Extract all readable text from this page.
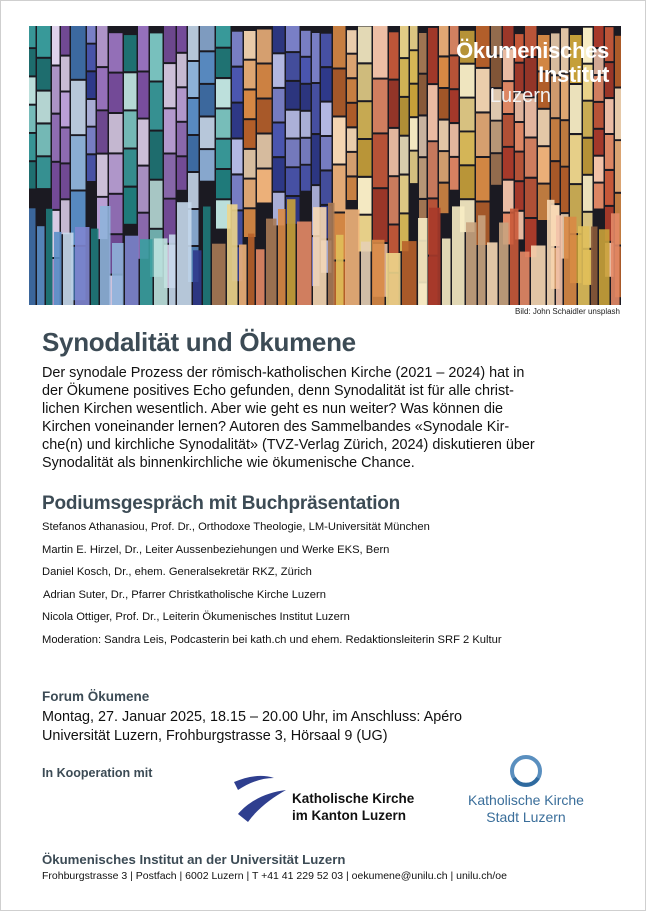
Ökumenisches
Institut
Luzern
Bild: John Schaidler unsplash
Synodalität und Ökumene

Der synodale Prozess der römisch-katholischen Kirche (2021 – 2024) hat in
der Ökumene positives Echo gefunden, denn Synodalität ist für alle christ-
lichen Kirchen wesentlich. Aber wie geht es nun weiter? Was können die
Kirchen voneinander lernen? Autoren des Sammelbandes «Synodale Kir-
che(n) und kirchliche Synodalität» (TVZ-Verlag Zürich, 2024) diskutieren über
Synodalität als binnenkirchliche wie ökumenische Chance.

Podiumsgespräch mit Buchpräsentation
Stefanos Athanasiou, Prof. Dr., Orthodoxe Theologie, LM-Universität München
Martin E. Hirzel, Dr., Leiter Aussenbeziehungen und Werke EKS, Bern
Daniel Kosch, Dr., ehem. Generalsekretär RKZ, Zürich
Adrian Suter, Dr., Pfarrer Christkatholische Kirche Luzern
Nicola Ottiger, Prof. Dr., Leiterin Ökumenisches Institut Luzern
Moderation: Sandra Leis, Podcasterin bei kath.ch und ehem. Redaktionsleiterin SRF 2 Kultur
Forum Ökumene
Montag, 27. Januar 2025, 18.15 – 20.00 Uhr, im Anschluss: Apéro
Universität Luzern, Frohburgstrasse 3, Hörsaal 9 (UG)
In Kooperation mit
Katholische Kirche
im Kanton Luzern
Katholische Kirche
Stadt Luzern
Ökumenisches Institut an der Universität Luzern
Frohburgstrasse 3 | Postfach | 6002 Luzern | T +41 41 229 52 03 | oekumene@unilu.ch | unilu.ch/oe
